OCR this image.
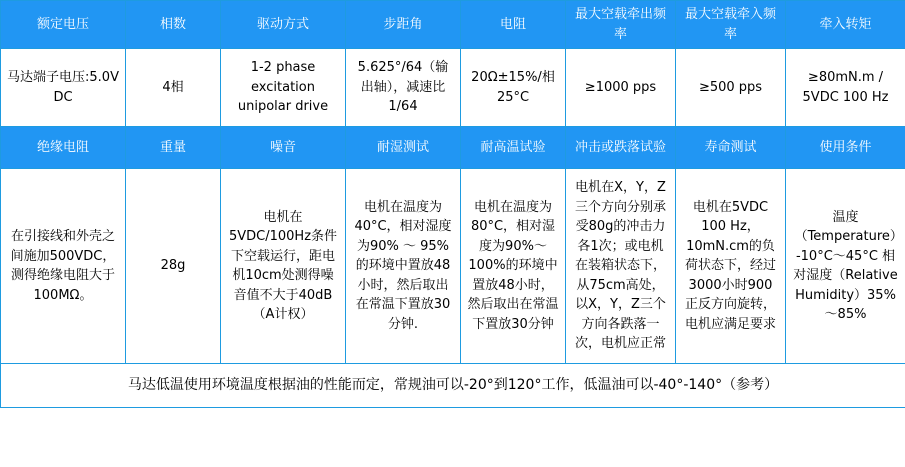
额定电压	相数	驱动方式	步距角	电阻	最大空载牵出频率	最大空载牵入频率	牵入转矩

马达端子电压:5.0V DC	4相	1-2 phase excitation unipolar drive	5.625°/64（输出轴），减速比1/64	20Ω±15%/相 25°C	≥1000 pps	≥500 pps	≥80mN.m / 5VDC 100 Hz

绝缘电阻	重量	噪音	耐湿测试	耐高温试验	冲击或跌落试验	寿命测试	使用条件

在引接线和外壳之间施加500VDC，测得绝缘电阻大于100MΩ。	28g	电机在5VDC/100Hz条件下空载运行，距电机10cm处测得噪音值不大于40dB（A计权）	电机在温度为40°C，相对湿度为90% ～ 95%的环境中置放48小时，然后取出在常温下置放30分钟.	电机在温度为80°C，相对湿度为90%～100%的环境中置放48小时，然后取出在常温下置放30分钟	电机在X，Y，Z三个方向分别承受80g的冲击力各1次；或电机在装箱状态下，从75cm高处，以X，Y，Z三个方向各跌落一次，电机应正常	电机在5VDC 100 Hz，10mN.cm的负荷状态下，经过3000小时900 正反方向旋转，电机应满足要求	温度（Temperature）-10°C～45°C 相对湿度（Relative Humidity）35%～85%

马达低温使用环境温度根据油的性能而定，常规油可以-20°到120°工作，低温油可以-40°-140°（参考）							
